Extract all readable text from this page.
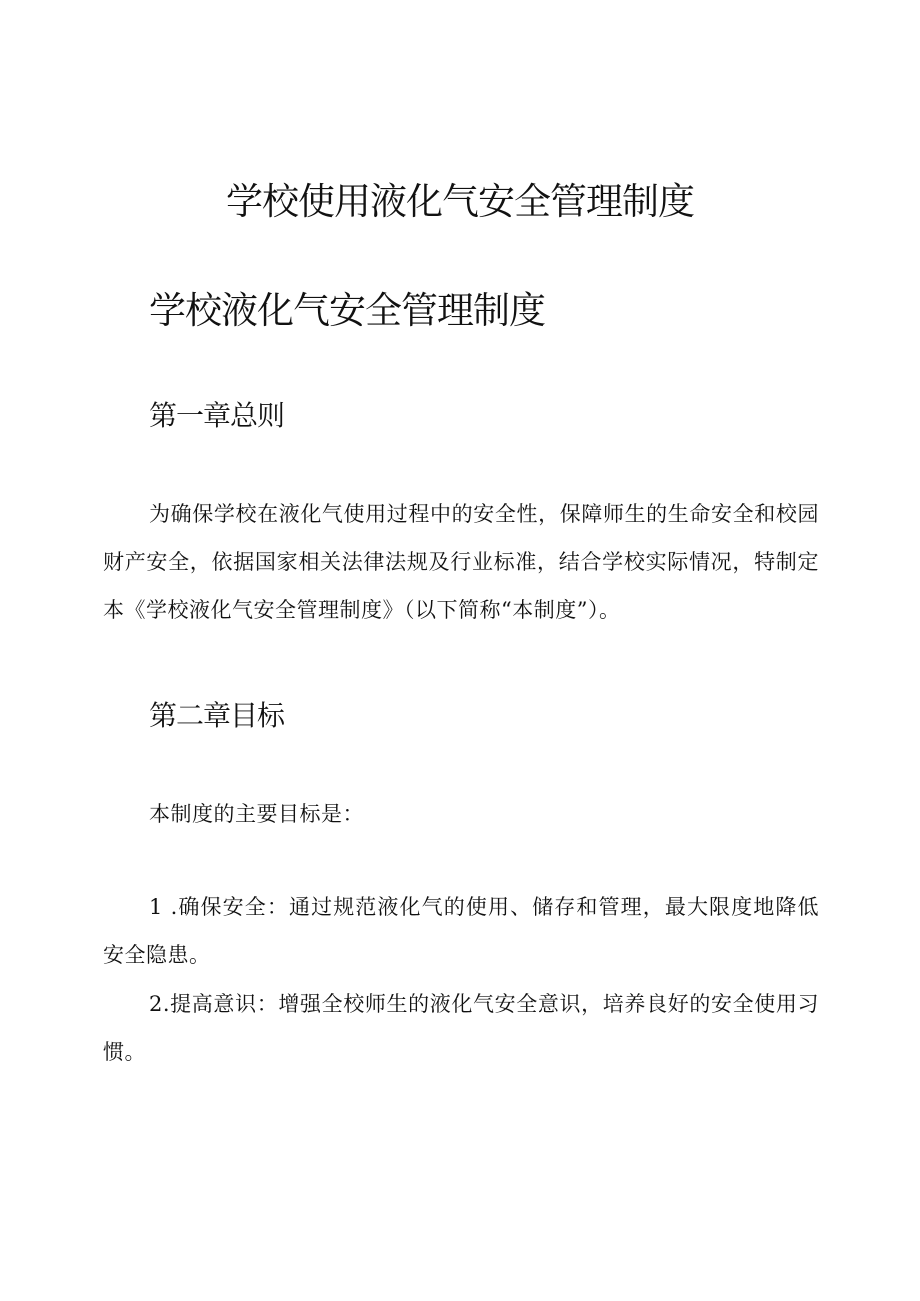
学校使用液化气安全管理制度
学校液化气安全管理制度
第一章总则

为确保学校在液化气使用过程中的安全性，保障师生的生命安全和校园财产安全，依据国家相关法律法规及行业标准，结合学校实际情况，特制定本《学校液化气安全管理制度》（以下简称“本制度”）。

第二章目标

本制度的主要目标是：

1 .确保安全：通过规范液化气的使用、储存和管理，最大限度地降低安全隐患。

2.提高意识：增强全校师生的液化气安全意识，培养良好的安全使用习惯。
